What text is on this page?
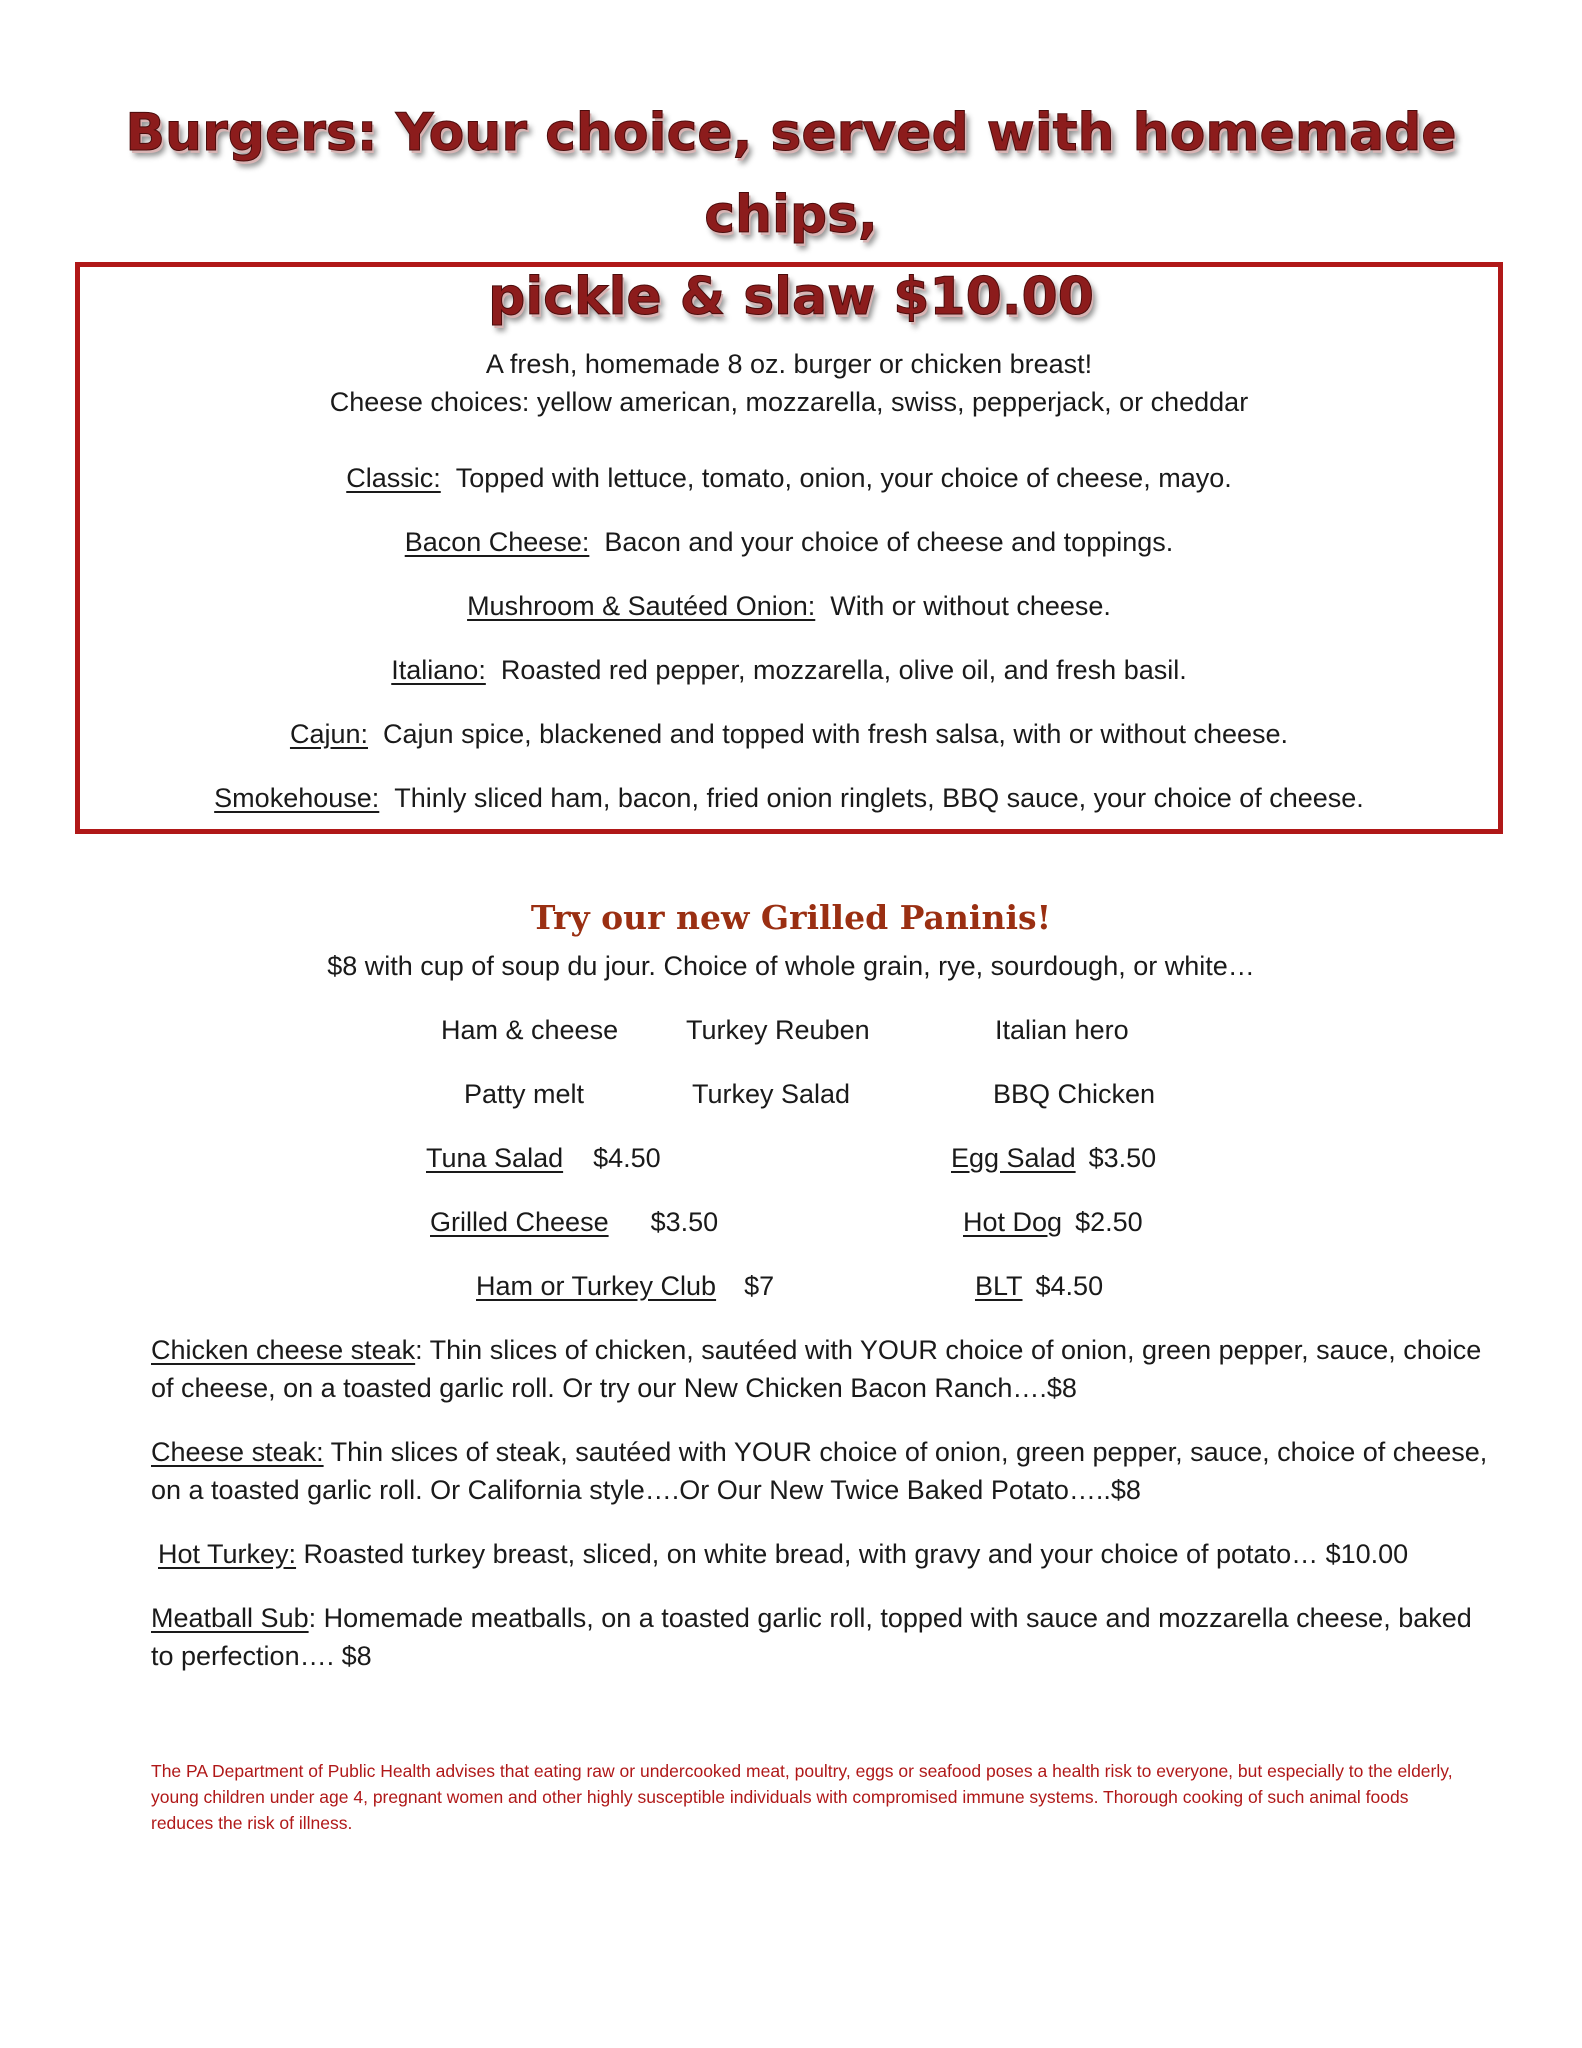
Burgers: Your choice, served with homemade chips,
pickle & slaw $10.00
A fresh, homemade 8 oz. burger or chicken breast!
Cheese choices: yellow american, mozzarella, swiss, pepperjack, or cheddar
Classic: Topped with lettuce, tomato, onion, your choice of cheese, mayo.
Bacon Cheese: Bacon and your choice of cheese and toppings.
Mushroom & Sautéed Onion: With or without cheese.
Italiano: Roasted red pepper, mozzarella, olive oil, and fresh basil.
Cajun: Cajun spice, blackened and topped with fresh salsa, with or without cheese.
Smokehouse: Thinly sliced ham, bacon, fried onion ringlets, BBQ sauce, your choice of cheese.
Try our new Grilled Paninis!
$8 with cup of soup du jour. Choice of whole grain, rye, sourdough, or white…
Ham & cheese	Turkey Reuben	Italian hero
Patty melt	Turkey Salad	BBQ Chicken
Tuna Salad $4.50	Egg Salad $3.50
Grilled Cheese $3.50	Hot Dog $2.50
Ham or Turkey Club $7	BLT $4.50
Chicken cheese steak: Thin slices of chicken, sautéed with YOUR choice of onion, green pepper, sauce, choice of cheese, on a toasted garlic roll. Or try our New Chicken Bacon Ranch….$8
Cheese steak: Thin slices of steak, sautéed with YOUR choice of onion, green pepper, sauce, choice of cheese, on a toasted garlic roll. Or California style….Or Our New Twice Baked Potato…..$8
Hot Turkey: Roasted turkey breast, sliced, on white bread, with gravy and your choice of potato… $10.00
Meatball Sub: Homemade meatballs, on a toasted garlic roll, topped with sauce and mozzarella cheese, baked to perfection…. $8

The PA Department of Public Health advises that eating raw or undercooked meat, poultry, eggs or seafood poses a health risk to everyone, but especially to the elderly, young children under age 4, pregnant women and other highly susceptible individuals with compromised immune systems. Thorough cooking of such animal foods reduces the risk of illness.
